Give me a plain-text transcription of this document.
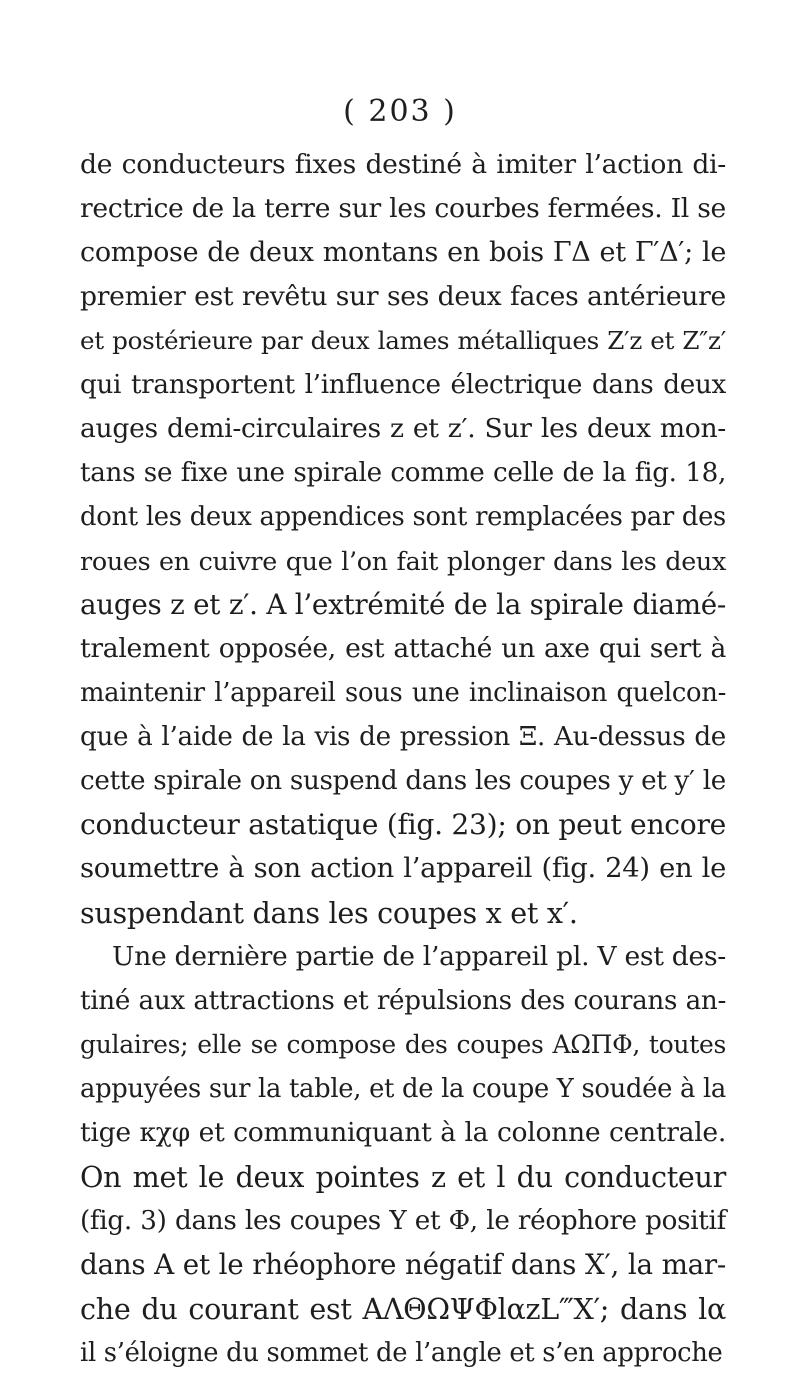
( 203 )
de conducteurs fixes destiné à imiter l’action di-
rectrice de la terre sur les courbes fermées. Il se
compose de deux montans en bois ΓΔ et Γ′Δ′; le
premier est revêtu sur ses deux faces antérieure
et postérieure par deux lames métalliques Z′z et Z″z′
qui transportent l’influence électrique dans deux
auges demi-circulaires z et z′. Sur les deux mon-
tans se fixe une spirale comme celle de la fig. 18,
dont les deux appendices sont remplacées par des
roues en cuivre que l’on fait plonger dans les deux
auges z et z′. A l’extrémité de la spirale diamé-
tralement opposée, est attaché un axe qui sert à
maintenir l’appareil sous une inclinaison quelcon-
que à l’aide de la vis de pression Ξ. Au-dessus de
cette spirale on suspend dans les coupes y et y′ le
conducteur astatique (fig. 23); on peut encore
soumettre à son action l’appareil (fig. 24) en le
suspendant dans les coupes x et x′.
Une dernière partie de l’appareil pl. V est des-
tiné aux attractions et répulsions des courans an-
gulaires; elle se compose des coupes AΩΠΦ, toutes
appuyées sur la table, et de la coupe Υ soudée à la
tige κχφ et communiquant à la colonne centrale.
On met le deux pointes z et l du conducteur
(fig. 3) dans les coupes Υ et Φ, le réophore positif
dans A et le rhéophore négatif dans X′, la mar-
che du courant est AΛΘΩΨΦlαzL‴X′; dans lα
il s’éloigne du sommet de l’angle et s’en approche
